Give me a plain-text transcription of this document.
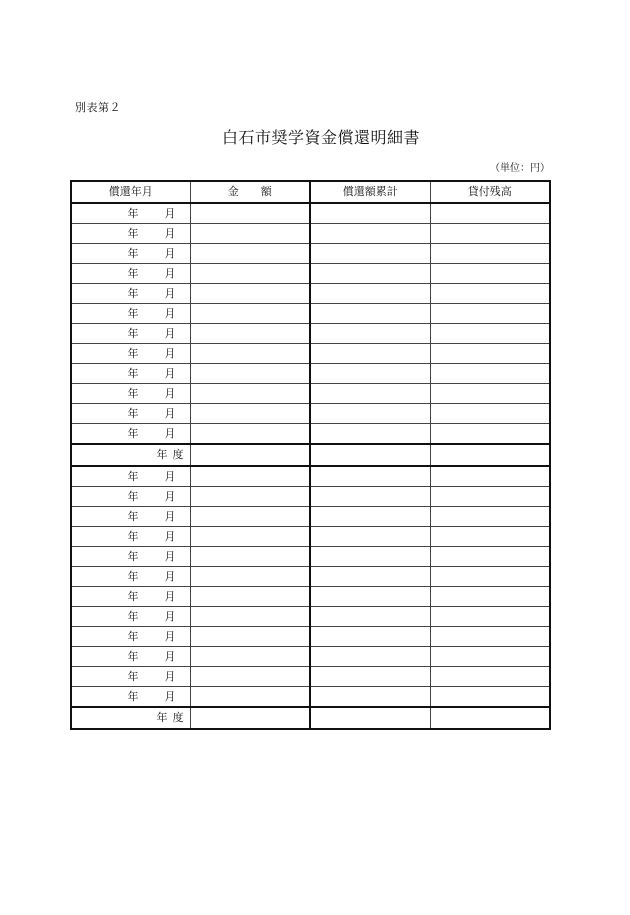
別表第２
白石市奨学資金償還明細書
（単位：円）
償還年月	金 額	償還額累計	貸付残高
年 月			
年 月			
年 月			
年 月			
年 月			
年 月			
年 月			
年 月			
年 月			
年 月			
年 月			
年 月			
年 度			
年 月			
年 月			
年 月			
年 月			
年 月			
年 月			
年 月			
年 月			
年 月			
年 月			
年 月			
年 月			
年 度			
